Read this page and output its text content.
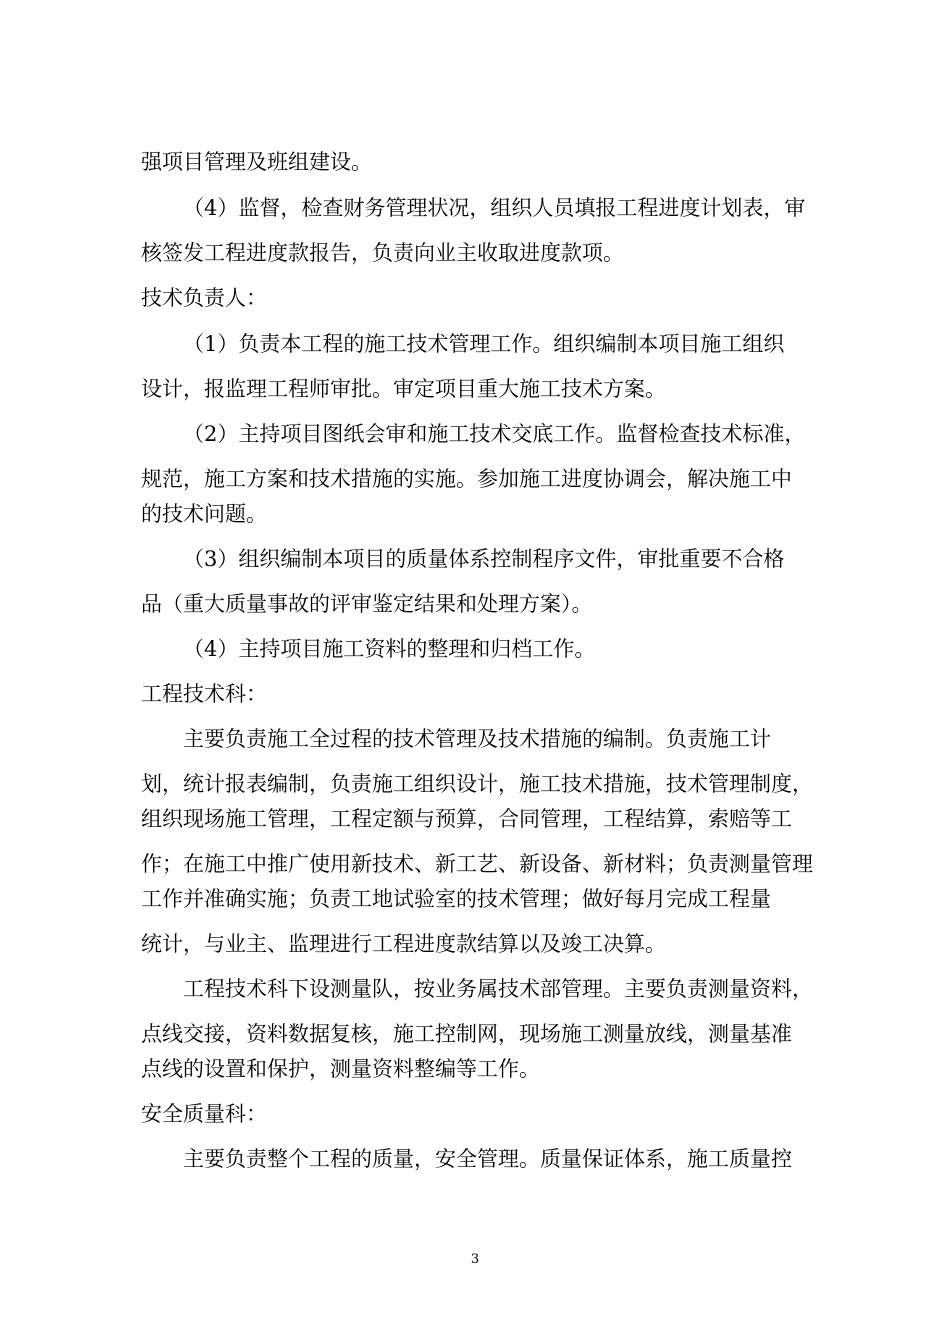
强项目管理及班组建设。
（4）监督，检查财务管理状况，组织人员填报工程进度计划表，审
核签发工程进度款报告，负责向业主收取进度款项。
技术负责人：
（1）负责本工程的施工技术管理工作。组织编制本项目施工组织
设计，报监理工程师审批。审定项目重大施工技术方案。
（2）主持项目图纸会审和施工技术交底工作。监督检查技术标准，
规范，施工方案和技术措施的实施。参加施工进度协调会，解决施工中
的技术问题。
（3）组织编制本项目的质量体系控制程序文件，审批重要不合格
品（重大质量事故的评审鉴定结果和处理方案）。
（4）主持项目施工资料的整理和归档工作。
工程技术科：
主要负责施工全过程的技术管理及技术措施的编制。负责施工计
划，统计报表编制，负责施工组织设计，施工技术措施，技术管理制度，
组织现场施工管理，工程定额与预算，合同管理，工程结算，索赔等工
作；在施工中推广使用新技术、新工艺、新设备、新材料；负责测量管理
工作并准确实施；负责工地试验室的技术管理；做好每月完成工程量
统计，与业主、监理进行工程进度款结算以及竣工决算。
工程技术科下设测量队，按业务属技术部管理。主要负责测量资料，
点线交接，资料数据复核，施工控制网，现场施工测量放线，测量基准
点线的设置和保护，测量资料整编等工作。
安全质量科：
主要负责整个工程的质量，安全管理。质量保证体系，施工质量控
3
